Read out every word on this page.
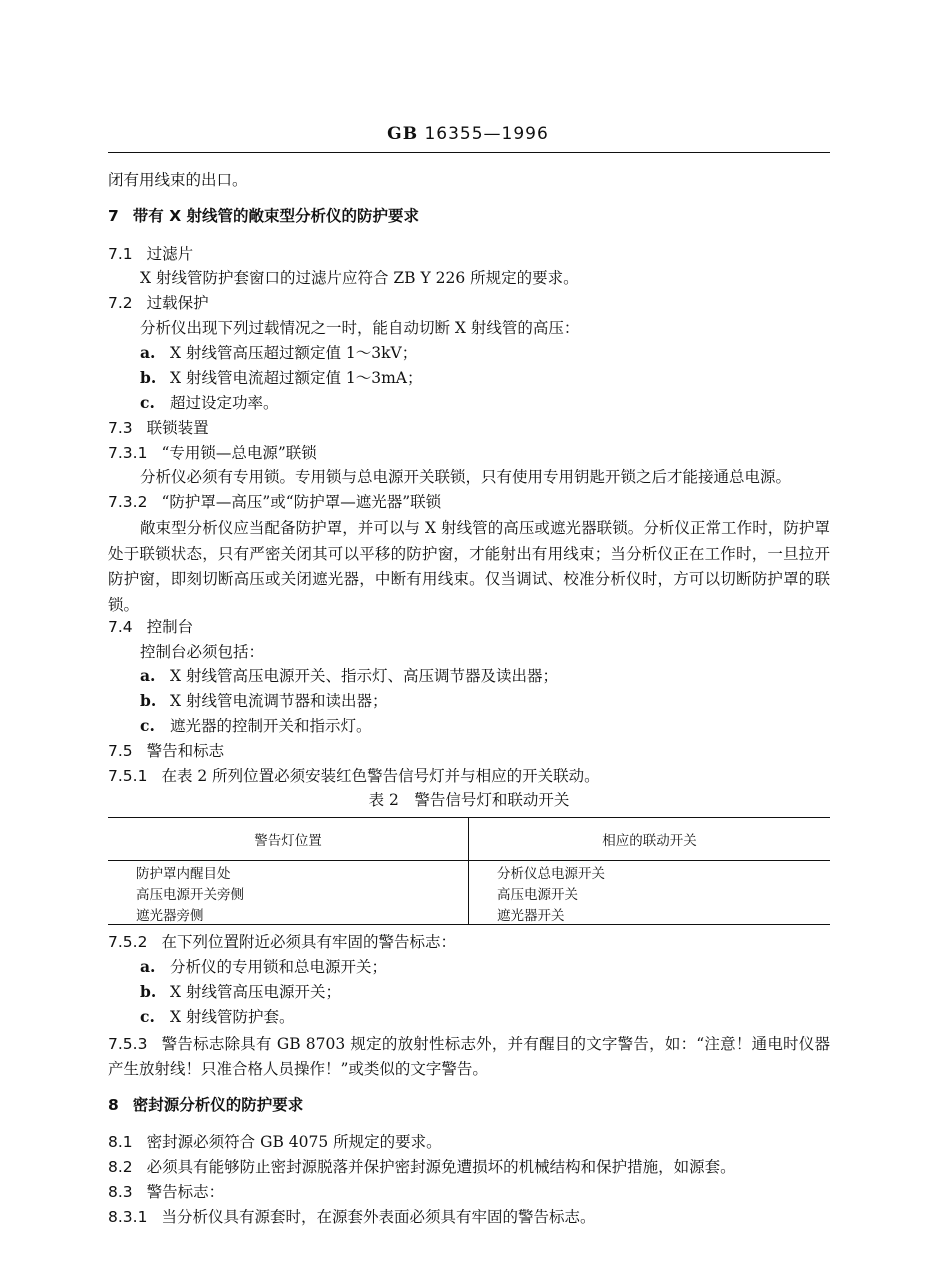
GB 16355—1996
闭有用线束的出口。
7 带有 X 射线管的敞束型分析仪的防护要求
7.1 过滤片
X 射线管防护套窗口的过滤片应符合 ZB Y 226 所规定的要求。
7.2 过载保护
分析仪出现下列过载情况之一时，能自动切断 X 射线管的高压：
a. X 射线管高压超过额定值 1～3kV；
b. X 射线管电流超过额定值 1～3mA；
c. 超过设定功率。
7.3 联锁装置
7.3.1 “专用锁—总电源”联锁
分析仪必须有专用锁。专用锁与总电源开关联锁，只有使用专用钥匙开锁之后才能接通总电源。
7.3.2 “防护罩—高压”或“防护罩—遮光器”联锁
敞束型分析仪应当配备防护罩，并可以与 X 射线管的高压或遮光器联锁。分析仪正常工作时，防护罩处于联锁状态，只有严密关闭其可以平移的防护窗，才能射出有用线束；当分析仪正在工作时，一旦拉开防护窗，即刻切断高压或关闭遮光器，中断有用线束。仅当调试、校准分析仪时，方可以切断防护罩的联锁。
7.4 控制台
控制台必须包括：
a. X 射线管高压电源开关、指示灯、高压调节器及读出器；
b. X 射线管电流调节器和读出器；
c. 遮光器的控制开关和指示灯。
7.5 警告和标志
7.5.1 在表 2 所列位置必须安装红色警告信号灯并与相应的开关联动。
表 2　警告信号灯和联动开关
警告灯位置	相应的联动开关
防护罩内醒目处	分析仪总电源开关
高压电源开关旁侧	高压电源开关
遮光器旁侧	遮光器开关
7.5.2 在下列位置附近必须具有牢固的警告标志：
a. 分析仪的专用锁和总电源开关；
b. X 射线管高压电源开关；
c. X 射线管防护套。
7.5.3 警告标志除具有 GB 8703 规定的放射性标志外，并有醒目的文字警告，如：“注意！通电时仪器产生放射线！只准合格人员操作！”或类似的文字警告。
8 密封源分析仪的防护要求
8.1 密封源必须符合 GB 4075 所规定的要求。
8.2 必须具有能够防止密封源脱落并保护密封源免遭损坏的机械结构和保护措施，如源套。
8.3 警告标志：
8.3.1 当分析仪具有源套时，在源套外表面必须具有牢固的警告标志。
